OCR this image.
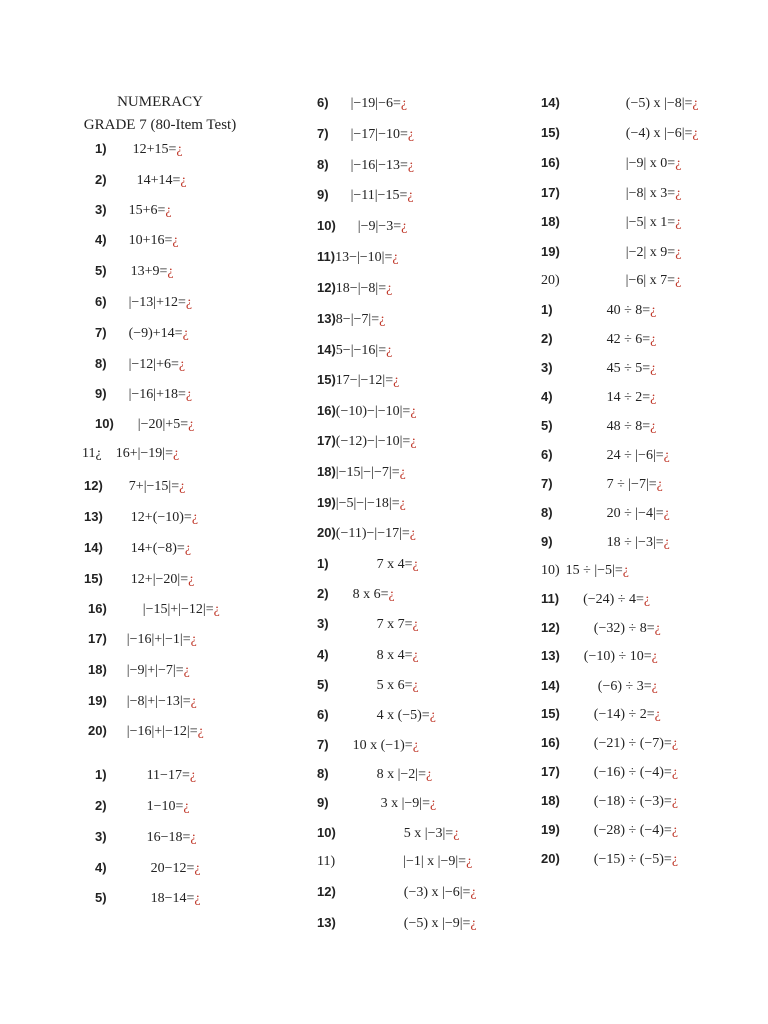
NUMERACY
GRADE 7 (80-Item Test)
1) 12+15=¿
2) 14+14=¿
3) 15+6=¿
4) 10+16=¿
5) 13+9=¿
6) |−13|+12=¿
7) (−9)+14=¿
8) |−12|+6=¿
9) |−16|+18=¿
10) |−20|+5=¿
11¿ 16+|−19|=¿
12) 7+|−15|=¿
13) 12+(−10)=¿
14) 14+(−8)=¿
15) 12+|−20|=¿
16)	|−15|+|−12|=¿
17) |−16|+|−1|=¿
18) |−9|+|−7|=¿
19) |−8|+|−13|=¿
20) |−16|+|−12|=¿
1)	11−17=¿
2)	1−10=¿
3)	16−18=¿
4)	20−12=¿
5)	18−14=¿
6) |−19|−6=¿
7) |−17|−10=¿
8) |−16|−13=¿
9) |−11|−15=¿
10) |−9|−3=¿
11)13−|−10|=¿
12)18−|−8|=¿
13)8−|−7|=¿
14)5−|−16|=¿
15)17−|−12|=¿
16)(−10)−|−10|=¿
17)(−12)−|−10|=¿
18)|−15|−|−7|=¿
19)|−5|−|−18|=¿
20)(−11)−|−17|=¿
1)	7 x 4=¿
2) 8 x 6=¿
3)	7 x 7=¿
4)	8 x 4=¿
5)	5 x 6=¿
6)	4 x (−5)=¿
7) 10 x (−1)=¿
8)	8 x |−2|=¿
9)	3 x |−9|=¿
10)	5 x |−3|=¿
11)	|−1| x |−9|=¿
12)	(−3) x |−6|=¿
13)	(−5) x |−9|=¿
14)	(−5) x |−8|=¿
15)	(−4) x |−6|=¿
16)	|−9| x 0=¿
17)	|−8| x 3=¿
18)	|−5| x 1=¿
19)	|−2| x 9=¿
20)	|−6| x 7=¿
1)	40 ÷ 8=¿
2)	42 ÷ 6=¿
3)	45 ÷ 5=¿
4)	14 ÷ 2=¿
5)	48 ÷ 8=¿
6)	24 ÷ |−6|=¿
7)	7 ÷ |−7|=¿
8)	20 ÷ |−4|=¿
9)	18 ÷ |−3|=¿
10) 15 ÷ |−5|=¿
11) (−24) ÷ 4=¿
12) (−32) ÷ 8=¿
13) (−10) ÷ 10=¿
14)	(−6) ÷ 3=¿
15) (−14) ÷ 2=¿
16) (−21) ÷ (−7)=¿
17) (−16) ÷ (−4)=¿
18) (−18) ÷ (−3)=¿
19) (−28) ÷ (−4)=¿
20) (−15) ÷ (−5)=¿
